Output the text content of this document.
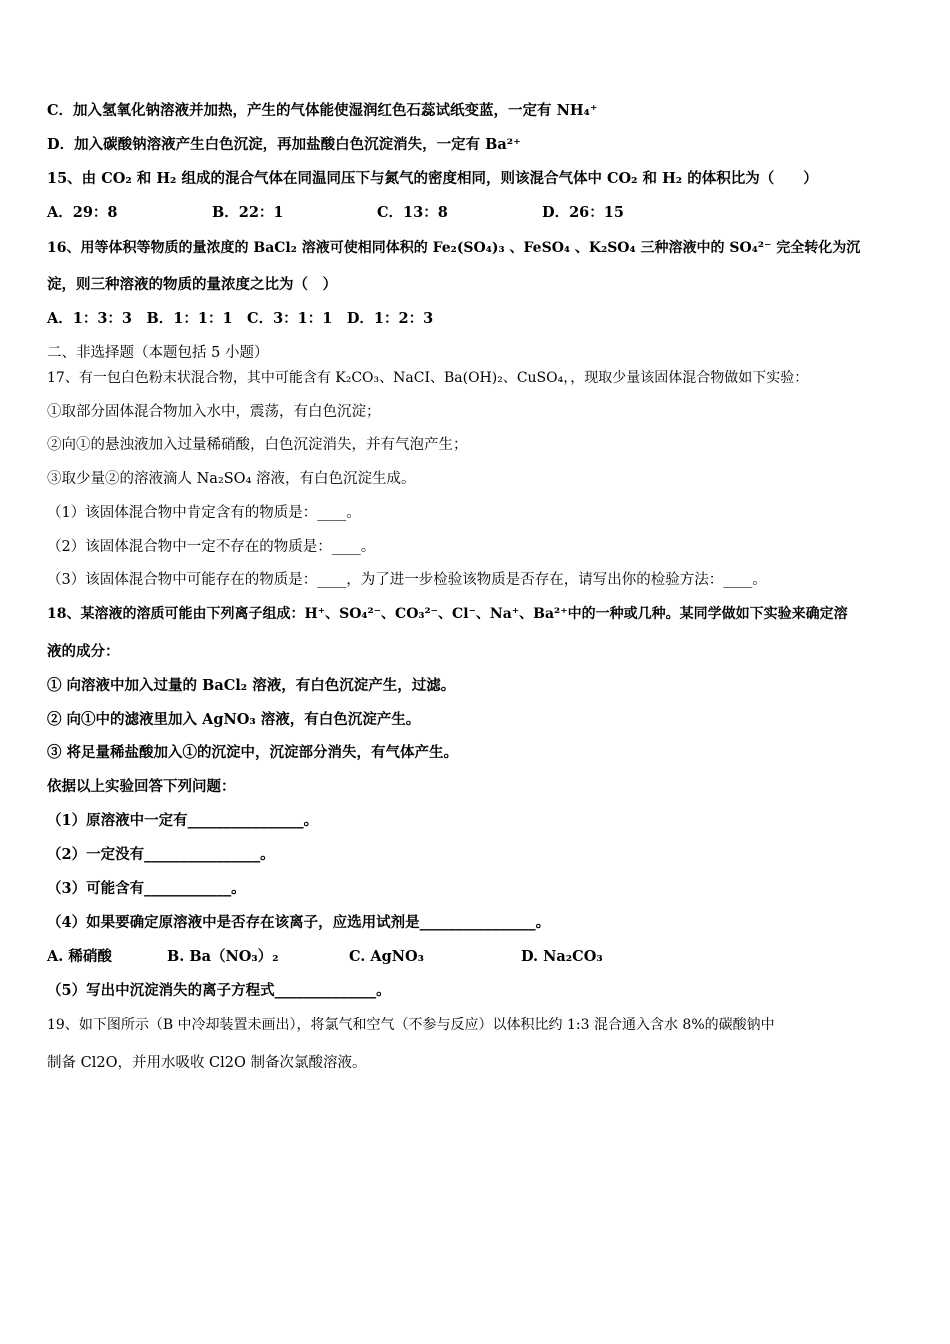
C．加入氢氧化钠溶液并加热，产生的气体能使湿润红色石蕊试纸变蓝，一定有 NH₄⁺
D．加入碳酸钠溶液产生白色沉淀，再加盐酸白色沉淀消失，一定有 Ba²⁺
15、由 CO₂ 和 H₂ 组成的混合气体在同温同压下与氮气的密度相同，则该混合气体中 CO₂ 和 H₂ 的体积比为（　　）
A．29：8	B．22：1	C．13：8	D．26：15
16、用等体积等物质的量浓度的 BaCl₂ 溶液可使相同体积的 Fe₂(SO₄)₃ 、FeSO₄ 、K₂SO₄ 三种溶液中的 SO₄²⁻ 完全转化为沉
淀，则三种溶液的物质的量浓度之比为（　）
A．1：3：3　B．1：1：1　C．3：1：1　D．1：2：3
二、非选择题（本题包括 5 小题）
17、有一包白色粉末状混合物，其中可能含有 K₂CO₃、NaCI、Ba(OH)₂、CuSO₄，，现取少量该固体混合物做如下实验：
①取部分固体混合物加入水中，震荡，有白色沉淀；
②向①的悬浊液加入过量稀硝酸，白色沉淀消失，并有气泡产生；
③取少量②的溶液滴人 Na₂SO₄ 溶液，有白色沉淀生成。
（1）该固体混合物中肯定含有的物质是：____。
（2）该固体混合物中一定不存在的物质是：____。
（3）该固体混合物中可能存在的物质是：____，为了进一步检验该物质是否存在，请写出你的检验方法：____。
18、某溶液的溶质可能由下列离子组成：H⁺、SO₄²⁻、CO₃²⁻、Cl⁻、Na⁺、Ba²⁺中的一种或几种。某同学做如下实验来确定溶
液的成分：
① 向溶液中加入过量的 BaCl₂ 溶液，有白色沉淀产生，过滤。
② 向①中的滤液里加入 AgNO₃ 溶液，有白色沉淀产生。
③ 将足量稀盐酸加入①的沉淀中，沉淀部分消失，有气体产生。
依据以上实验回答下列问题：
（1）原溶液中一定有________________。
（2）一定没有________________。
（3）可能含有____________。
（4）如果要确定原溶液中是否存在该离子，应选用试剂是________________。
A. 稀硝酸	B. Ba（NO₃）₂	C. AgNO₃	D. Na₂CO₃
（5）写出中沉淀消失的离子方程式______________。
19、如下图所示（B 中冷却装置未画出），将氯气和空气（不参与反应）以体积比约 1:3 混合通入含水 8%的碳酸钠中
制备 Cl2O，并用水吸收 Cl2O 制备次氯酸溶液。
